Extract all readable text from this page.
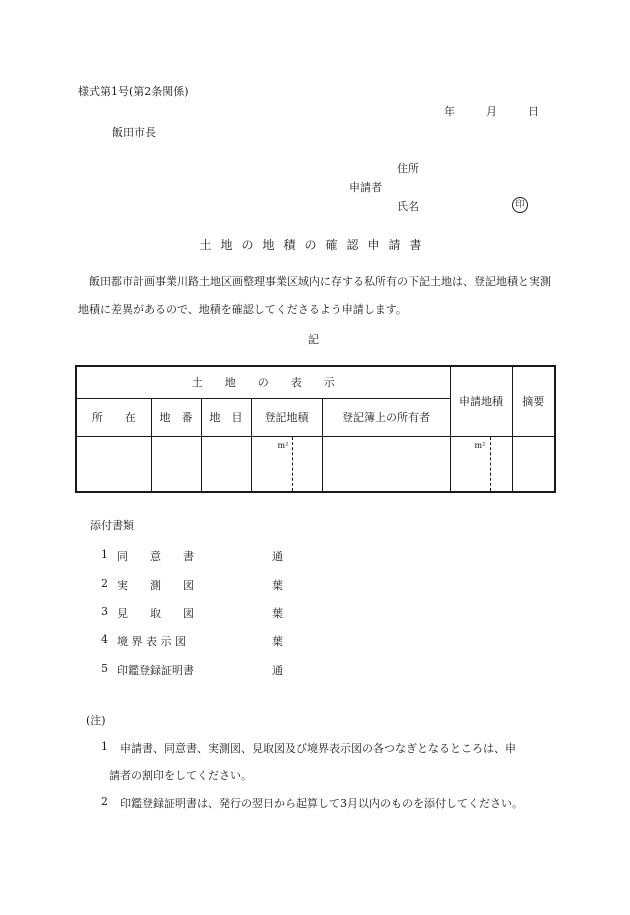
様式第1号(第2条関係)
年	月	日
飯田市長
住所
申請者
氏名	印
土地の地積の確認申請書
飯田都市計画事業川路土地区画整理事業区域内に存する私所有の下記土地は、登記地積と実測地積に差異があるので、地積を確認してくださるよう申請します。
記
土　　地　　の　　表　　示					申請地積	摘要
所　　在	地　番	地　目	登記地積	登記簿上の所有者		

			m²		m²	

添付書類
1 同　　意　　書	通
2 実　　測　　図	葉
3 見　　取　　図	葉
4 境 界 表 示 図	葉
5 印鑑登録証明書	通
(注)
1 申請書、同意書、実測図、見取図及び境界表示図の各つなぎとなるところは、申
請者の割印をしてください。
2 印鑑登録証明書は、発行の翌日から起算して3月以内のものを添付してください。
